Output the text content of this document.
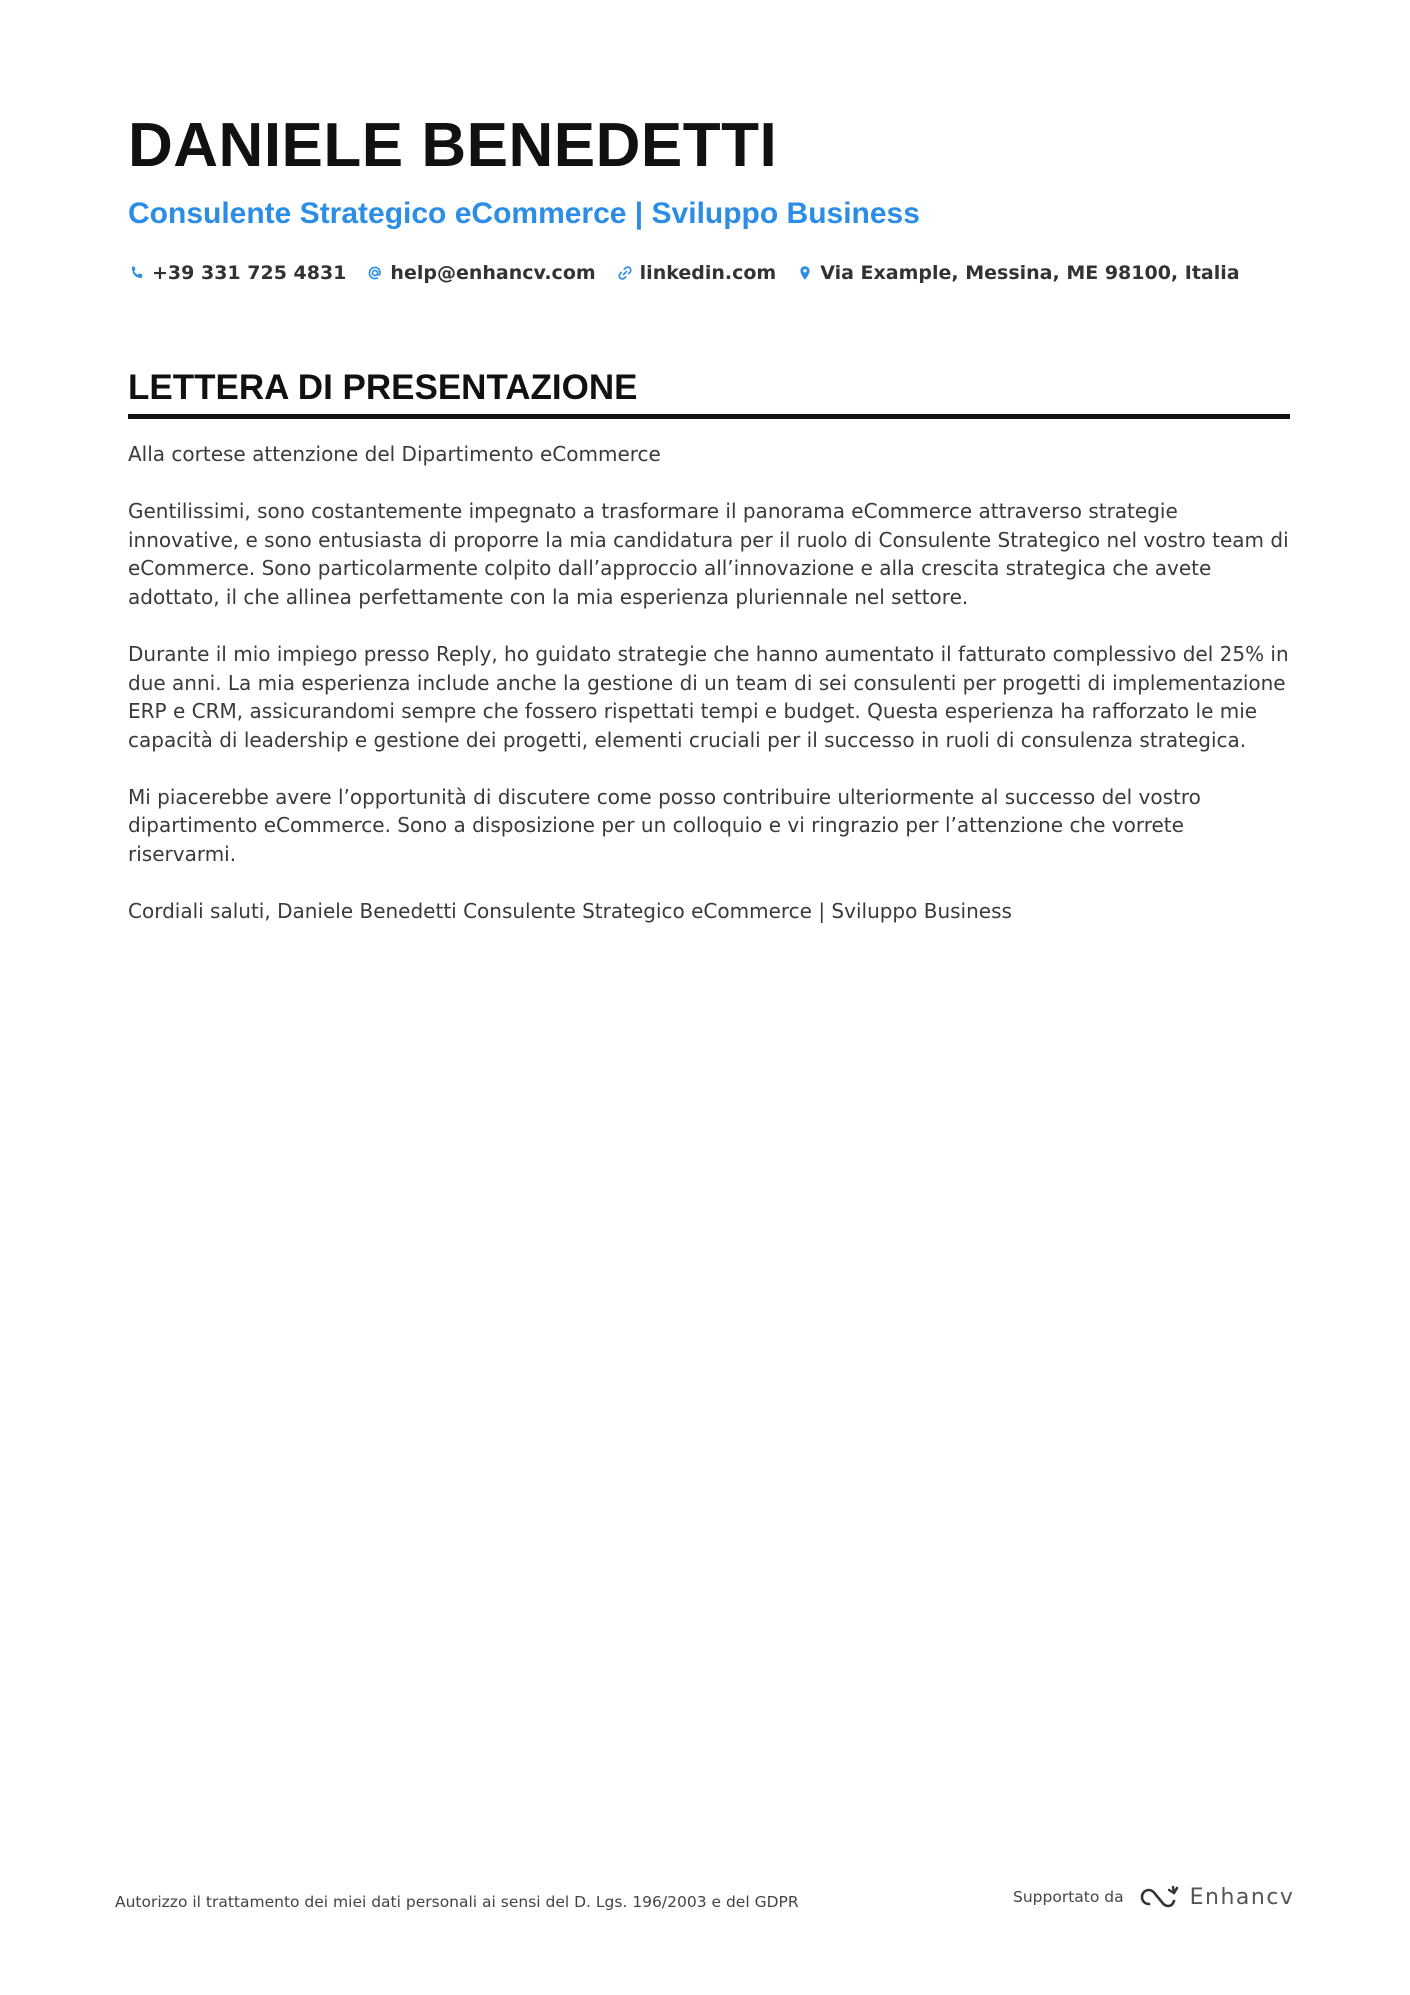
DANIELE BENEDETTI
Consulente Strategico eCommerce | Sviluppo Business
+39 331 725 4831 help@enhancv.com linkedin.com Via Example, Messina, ME 98100, Italia
LETTERA DI PRESENTAZIONE

Alla cortese attenzione del Dipartimento eCommerce

Gentilissimi, sono costantemente impegnato a trasformare il panorama eCommerce attraverso strategie innovative, e sono entusiasta di proporre la mia candidatura per il ruolo di Consulente Strategico nel vostro team di eCommerce. Sono particolarmente colpito dall’approccio all’innovazione e alla crescita strategica che avete adottato, il che allinea perfettamente con la mia esperienza pluriennale nel settore.

Durante il mio impiego presso Reply, ho guidato strategie che hanno aumentato il fatturato complessivo del 25% in due anni. La mia esperienza include anche la gestione di un team di sei consulenti per progetti di implementazione ERP e CRM, assicurandomi sempre che fossero rispettati tempi e budget. Questa esperienza ha rafforzato le mie capacità di leadership e gestione dei progetti, elementi cruciali per il successo in ruoli di consulenza strategica.

Mi piacerebbe avere l’opportunità di discutere come posso contribuire ulteriormente al successo del vostro dipartimento eCommerce. Sono a disposizione per un colloquio e vi ringrazio per l’attenzione che vorrete riservarmi.

Cordiali saluti, Daniele Benedetti Consulente Strategico eCommerce | Sviluppo Business

Autorizzo il trattamento dei miei dati personali ai sensi del D. Lgs. 196/2003 e del GDPR	Supportato da	Enhancv
